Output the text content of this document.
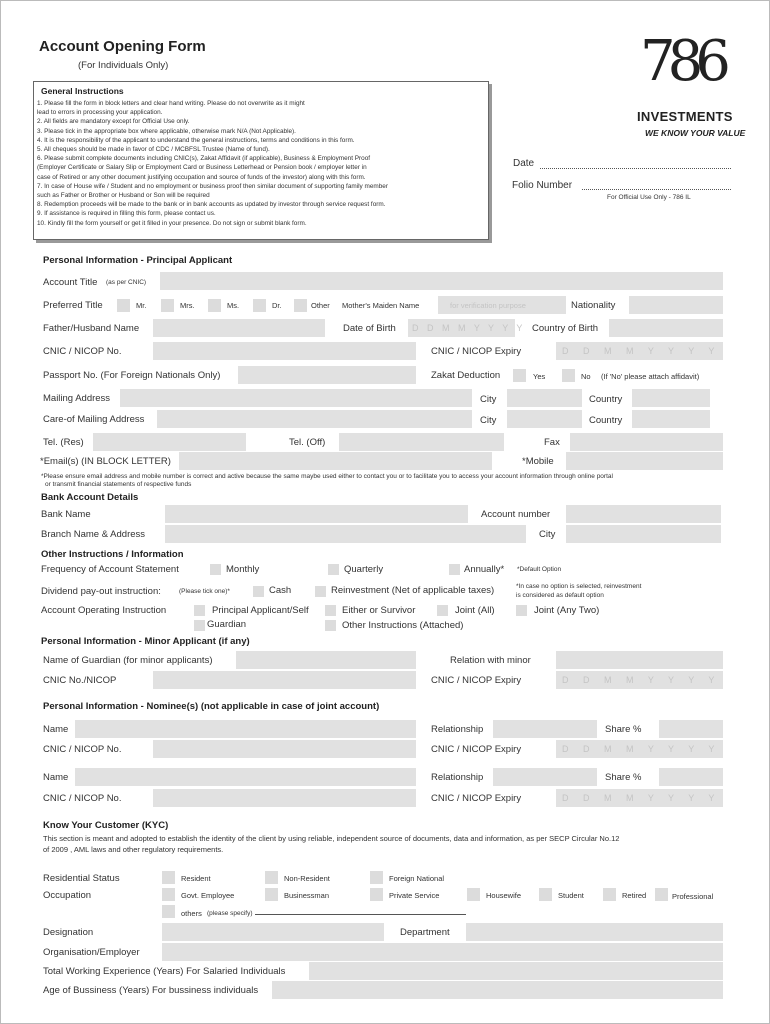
Account Opening Form
(For Individuals Only)	786
INVESTMENTS
WE KNOW YOUR VALUE
Date
Folio Number
For Official Use Only - 786 IL
General Instructions
1. Please fill the form in block letters and clear hand writing. Please do not overwrite as it might
lead to errors in processing your application.
2. All fields are mandatory except for Official Use only.
3. Please tick in the appropriate box where applicable, otherwise mark N/A (Not Applicable).
4. It is the responsibility of the applicant to understand the general instructions, terms and conditions in this form.
5. All cheques should be made in favor of CDC / MCBFSL Trustee (Name of fund).
6. Please submit complete documents including CNIC(s), Zakat Affidavit (if applicable), Business & Employment Proof
(Employer Certificate or Salary Slip or Employment Card or Business Letterhead or Pension book / employer letter in
case of Retired or any other document justifying occupation and source of funds of the investor) along with this form.
7. In case of House wife / Student and no employment or business proof then similar document of supporting family member
such as Father or Brother or Husband or Son will be required
8. Redemption proceeds will be made to the bank or in bank accounts as updated by investor through service request form.
9. If assistance is required in filling this form, please contact us.
10. Kindly fill the form yourself or get it filled in your presence. Do not sign or submit blank form.
Personal Information - Principal Applicant
Account Title (as per CNIC)
Preferred Title	Mr.	Mrs.	Ms.	Dr.	Other Mother's Maiden Name	for verification purpose	Nationality
Father/Husband Name	Date of Birth D D M M Y Y Y Y Country of Birth
CNIC / NICOP No.	CNIC / NICOP Expiry	D D M M Y Y Y Y
Passport No. (For Foreign Nationals Only)	Zakat Deduction	Yes	No (If 'No' please attach affidavit)
Mailing Address	City	Country
Care-of Mailing Address	City	Country
Tel. (Res)	Tel. (Off)	Fax
*Email(s) (IN BLOCK LETTER)	*Mobile
*Please ensure email address and mobile number is correct and active because the same maybe used either to contact you or to facilitate you to access your account information through online portal
or transmit financial statements of respective funds
Bank Account Details
Bank Name	Account number
Branch Name & Address	City
Other Instructions / Information
Frequency of Account Statement	Monthly	Quarterly	Annually* *Default Option
Dividend pay-out instruction:	(Please tick one)*	Cash	Reinvestment (Net of applicable taxes)	*In case no option is selected, reinvestment
is considered as default option
Account Operating Instruction	Principal Applicant/Self	Either or Survivor	Joint (All)	Joint (Any Two)
Guardian	Other Instructions (Attached)
Personal Information - Minor Applicant (if any)
Name of Guardian (for minor applicants)	Relation with minor
CNIC No./NICOP	CNIC / NICOP Expiry	D D M M Y Y Y Y
Personal Information - Nominee(s) (not applicable in case of joint account)
Name	Relationship	Share %
CNIC / NICOP No.	CNIC / NICOP Expiry	D D M M Y Y Y Y
Name	Relationship	Share %
CNIC / NICOP No.	CNIC / NICOP Expiry	D D M M Y Y Y Y
Know Your Customer (KYC)
This section is meant and adopted to establish the identity of the client by using reliable, independent source of documents, data and information, as per SECP Circular No.12
of 2009 , AML laws and other regulatory requirements.
Residential Status	Resident	Non-Resident	Foreign National
Occupation	Govt. Employee	Businessman	Private Service	Housewife	Student	Retired	Professional
others (please specify)
Designation	Department
Organisation/Employer
Total Working Experience (Years) For Salaried Individuals
Age of Bussiness (Years) For bussiness individuals
